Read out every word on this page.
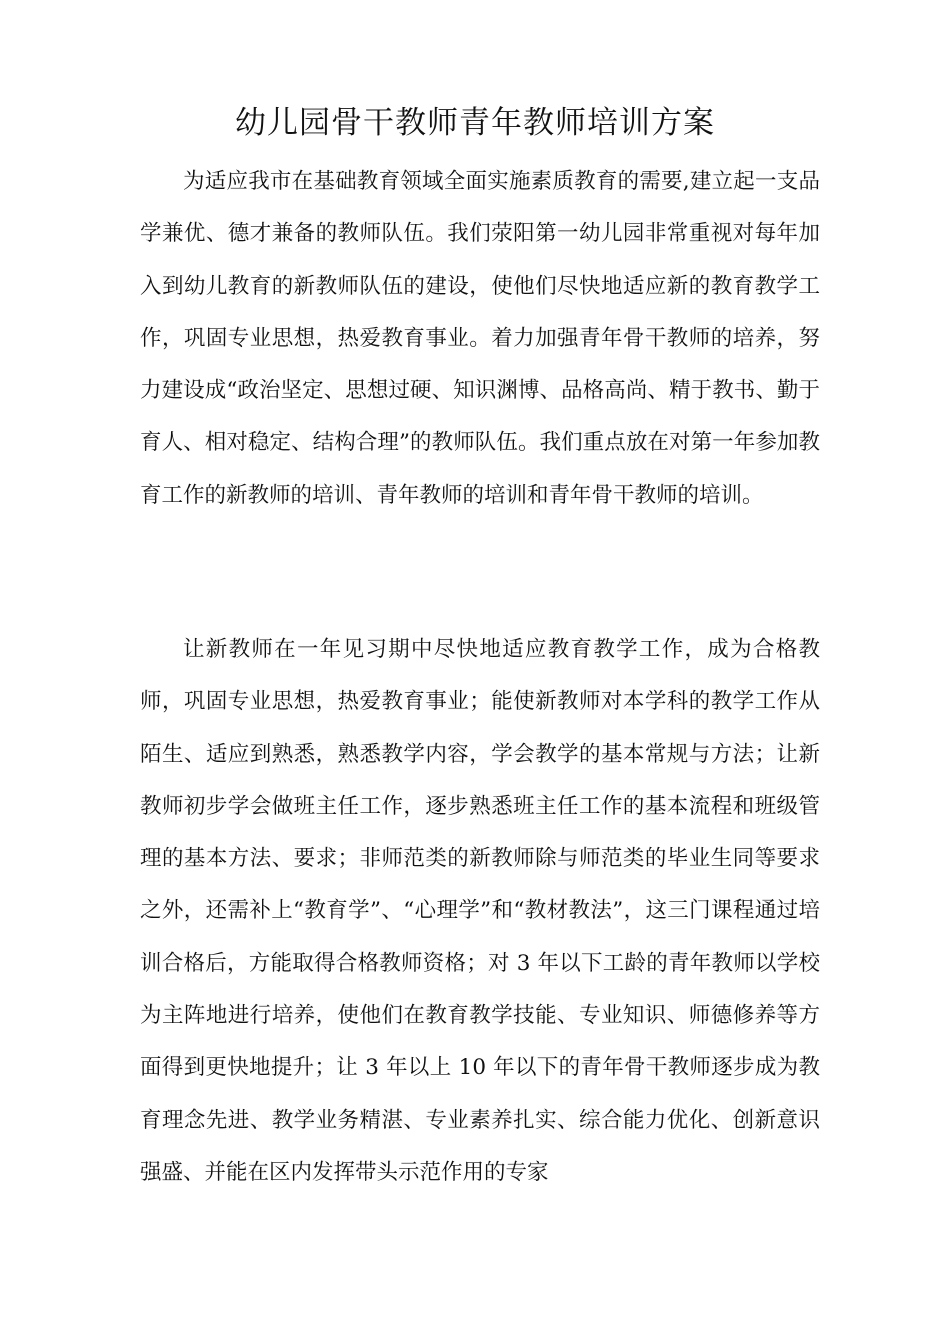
幼儿园骨干教师青年教师培训方案

为适应我市在基础教育领域全面实施素质教育的需要,建立起一支品学兼优、德才兼备的教师队伍。我们荥阳第一幼儿园非常重视对每年加入到幼儿教育的新教师队伍的建设，使他们尽快地适应新的教育教学工作，巩固专业思想，热爱教育事业。着力加强青年骨干教师的培养，努力建设成“政治坚定、思想过硬、知识渊博、品格高尚、精于教书、勤于育人、相对稳定、结构合理”的教师队伍。我们重点放在对第一年参加教育工作的新教师的培训、青年教师的培训和青年骨干教师的培训。

让新教师在一年见习期中尽快地适应教育教学工作，成为合格教师，巩固专业思想，热爱教育事业；能使新教师对本学科的教学工作从陌生、适应到熟悉，熟悉教学内容，学会教学的基本常规与方法；让新教师初步学会做班主任工作，逐步熟悉班主任工作的基本流程和班级管理的基本方法、要求；非师范类的新教师除与师范类的毕业生同等要求之外，还需补上“教育学”、“心理学”和“教材教法”，这三门课程通过培训合格后，方能取得合格教师资格；对 3 年以下工龄的青年教师以学校为主阵地进行培养，使他们在教育教学技能、专业知识、师德修养等方面得到更快地提升；让 3 年以上 10 年以下的青年骨干教师逐步成为教育理念先进、教学业务精湛、专业素养扎实、综合能力优化、创新意识强盛、并能在区内发挥带头示范作用的专家
